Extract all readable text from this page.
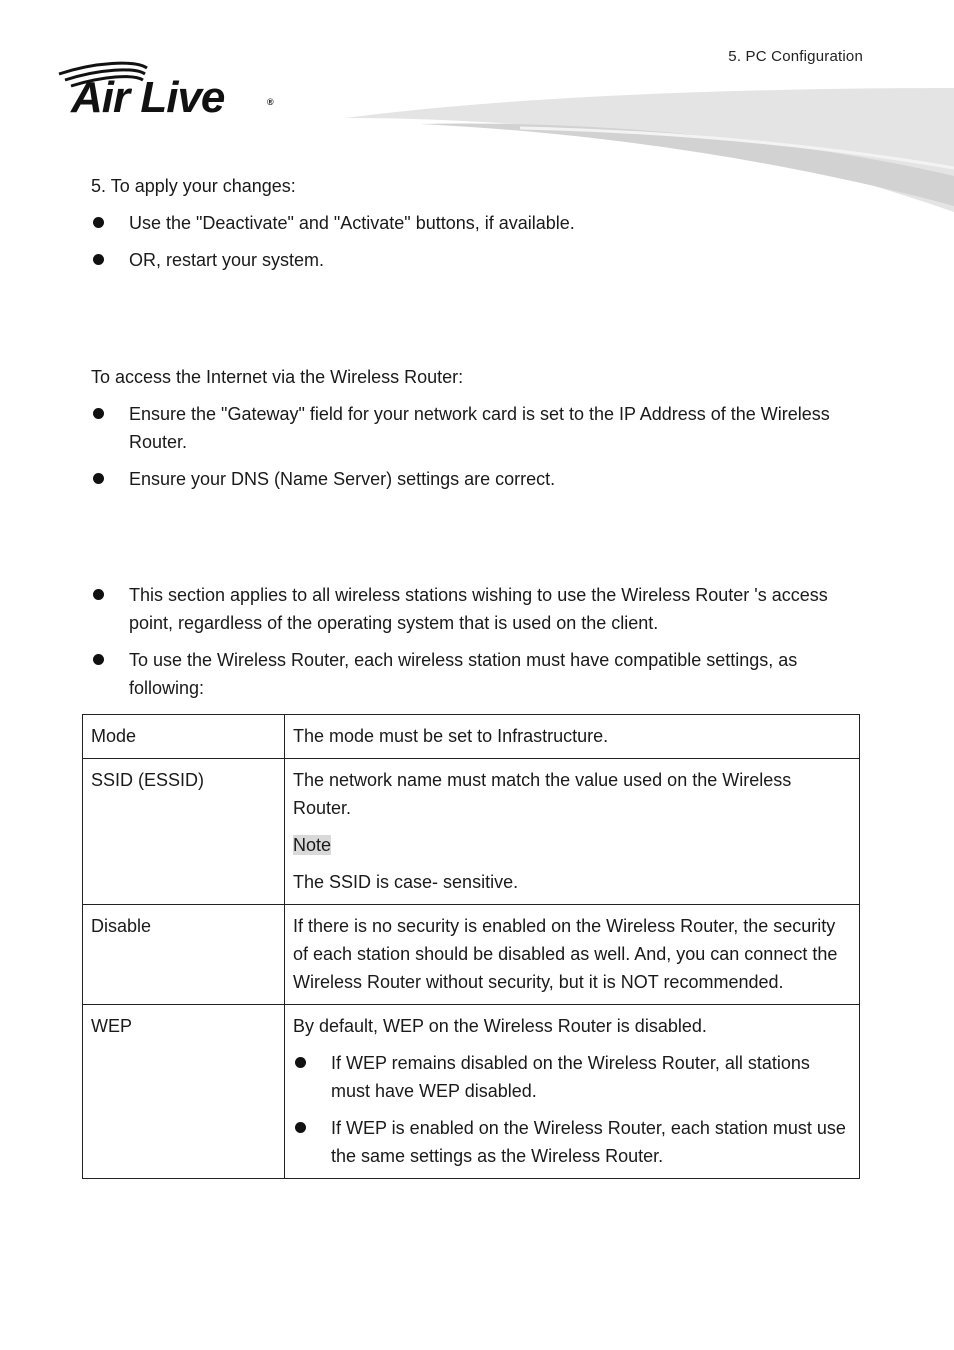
5. PC Configuration
Air Live	®
5. To apply your changes:
Use the "Deactivate" and "Activate" buttons, if available.
OR, restart your system.
To access the Internet via the Wireless Router:
Ensure the "Gateway" field for your network card is set to the IP Address of the Wireless Router.
Ensure your DNS (Name Server) settings are correct.
This section applies to all wireless stations wishing to use the Wireless Router 's access point, regardless of the operating system that is used on the client.
To use the Wireless Router, each wireless station must have compatible settings, as following:
Mode	The mode must be set to Infrastructure.

SSID (ESSID)	The network name must match the value used on the Wireless Router.

Note

The SSID is case- sensitive.

Disable	If there is no security is enabled on the Wireless Router, the security of each station should be disabled as well. And, you can connect the Wireless Router without security, but it is NOT recommended.

WEP	By default, WEP on the Wireless Router is disabled.

If WEP remains disabled on the Wireless Router, all stations must have WEP disabled.
If WEP is enabled on the Wireless Router, each station must use the same settings as the Wireless Router.
